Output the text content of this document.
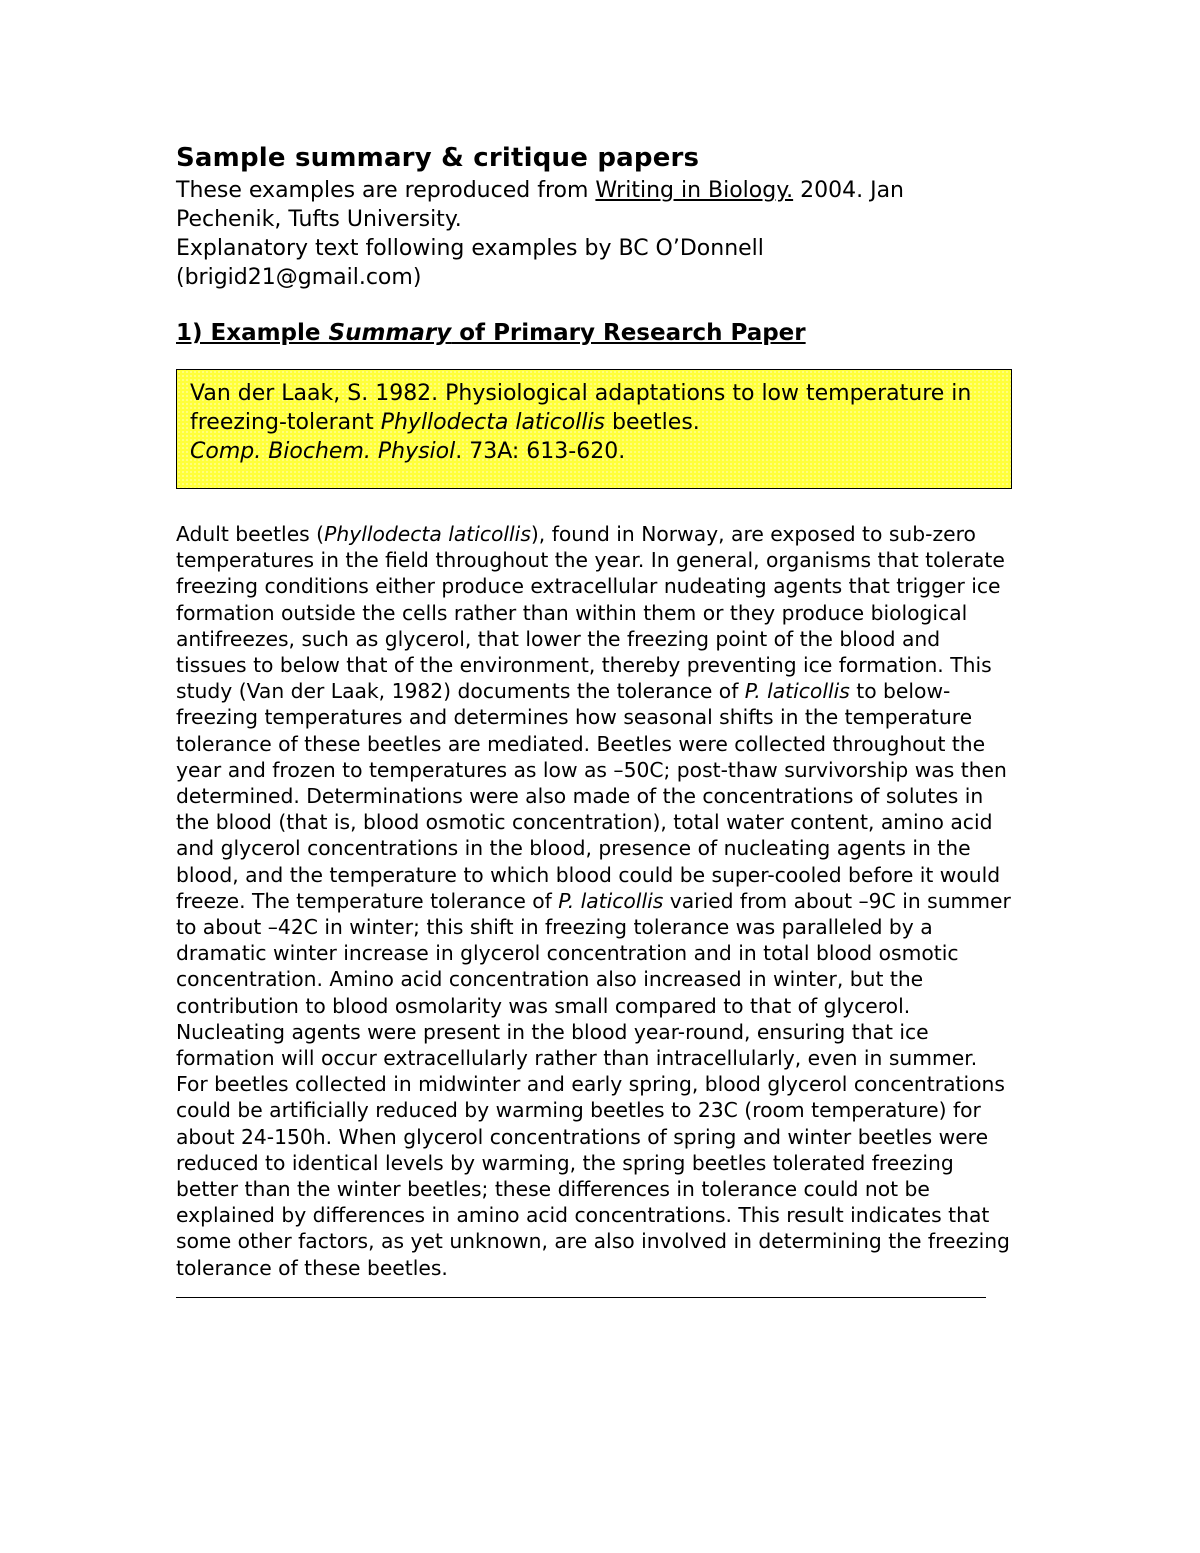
Sample summary & critique papers

These examples are reproduced from Writing in Biology. 2004. Jan Pechenik, Tufts University.

Explanatory text following examples by BC O’Donnell (brigid21@gmail.com)

1) Example Summary of Primary Research Paper
Van der Laak, S. 1982. Physiological adaptations to low temperature in freezing-tolerant Phyllodecta laticollis beetles.
Comp. Biochem. Physiol. 73A: 613-620.

Adult beetles (Phyllodecta laticollis), found in Norway, are exposed to sub-zero temperatures in the field throughout the year. In general, organisms that tolerate freezing conditions either produce extracellular nudeating agents that trigger ice formation outside the cells rather than within them or they produce biological antifreezes, such as glycerol, that lower the freezing point of the blood and tissues to below that of the environment, thereby preventing ice formation. This study (Van der Laak, 1982) documents the tolerance of P. laticollis to below-freezing temperatures and determines how seasonal shifts in the temperature tolerance of these beetles are mediated. Beetles were collected throughout the year and frozen to temperatures as low as –50C; post-thaw survivorship was then determined. Determinations were also made of the concentrations of solutes in the blood (that is, blood osmotic concentration), total water content, amino acid and glycerol concentrations in the blood, presence of nucleating agents in the blood, and the temperature to which blood could be super-cooled before it would freeze. The temperature tolerance of P. laticollis varied from about –9C in summer to about –42C in winter; this shift in freezing tolerance was paralleled by a dramatic winter increase in glycerol concentration and in total blood osmotic concentration. Amino acid concentration also increased in winter, but the contribution to blood osmolarity was small compared to that of glycerol. Nucleating agents were present in the blood year-round, ensuring that ice formation will occur extracellularly rather than intracellularly, even in summer.

For beetles collected in midwinter and early spring, blood glycerol concentrations could be artificially reduced by warming beetles to 23C (room temperature) for about 24-150h. When glycerol concentrations of spring and winter beetles were reduced to identical levels by warming, the spring beetles tolerated freezing better than the winter beetles; these differences in tolerance could not be explained by differences in amino acid concentrations. This result indicates that some other factors, as yet unknown, are also involved in determining the freezing tolerance of these beetles.
